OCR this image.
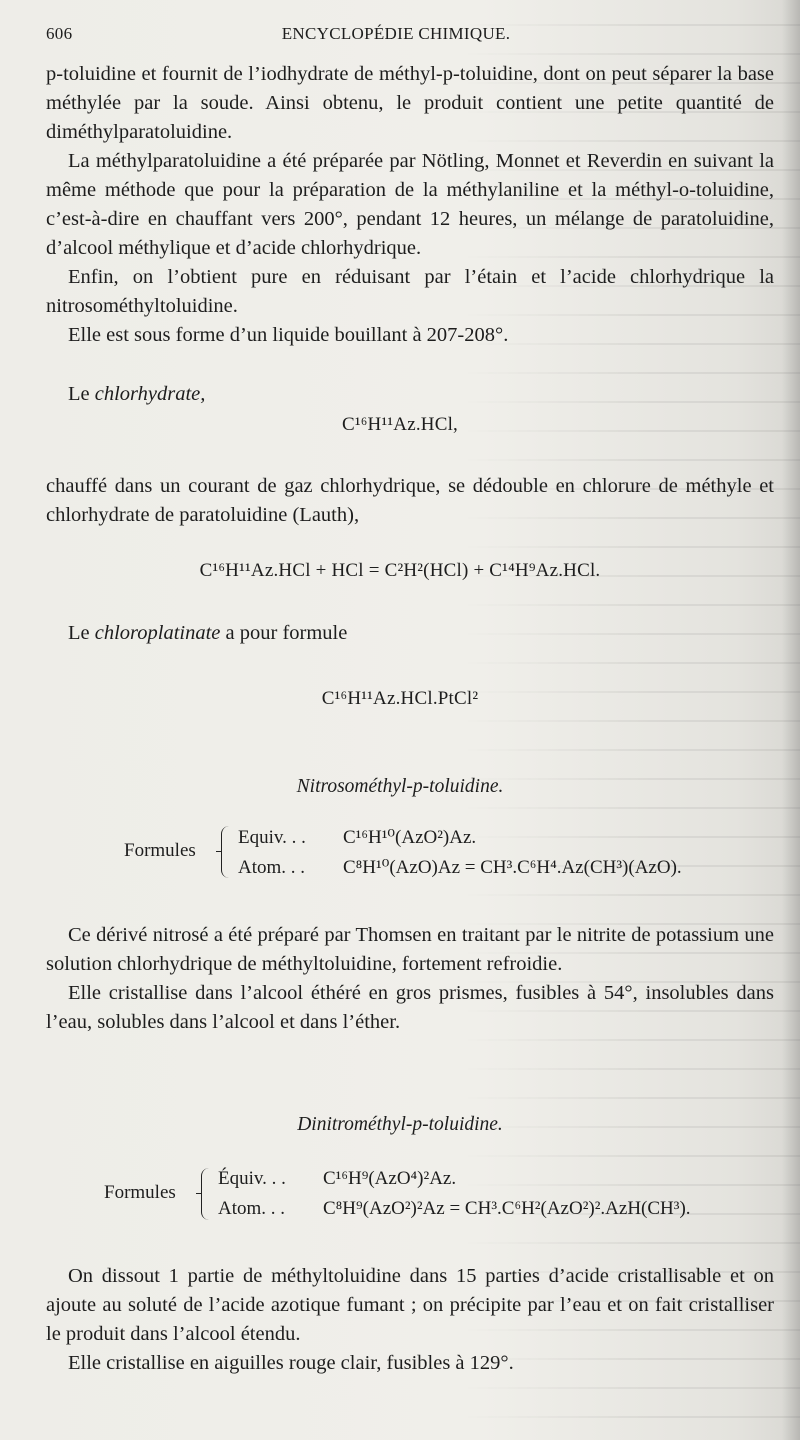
606	ENCYCLOPÉDIE CHIMIQUE.

p-toluidine et fournit de l’iodhydrate de méthyl-p-toluidine, dont on peut séparer la base méthylée par la soude. Ainsi obtenu, le produit contient une petite quantité de diméthylparatoluidine.

La méthylparatoluidine a été préparée par Nötling, Monnet et Reverdin en suivant la même méthode que pour la préparation de la méthylaniline et la méthyl-o-toluidine, c’est-à-dire en chauffant vers 200°, pendant 12 heures, un mélange de paratoluidine, d’alcool méthylique et d’acide chlorhydrique.

Enfin, on l’obtient pure en réduisant par l’étain et l’acide chlorhydrique la nitrosométhyltoluidine.

Elle est sous forme d’un liquide bouillant à 207-208°.

Le chlorhydrate,

C¹⁶H¹¹Az.HCl,

chauffé dans un courant de gaz chlorhydrique, se dédouble en chlorure de méthyle et chlorhydrate de paratoluidine (Lauth),

C¹⁶H¹¹Az.HCl + HCl = C²H²(HCl) + C¹⁴H⁹Az.HCl.

Le chloroplatinate a pour formule

C¹⁶H¹¹Az.HCl.PtCl²
Nitrosométhyl-p-toluidine.
Formules
Equiv. . . C¹⁶H¹⁰(AzO²)Az.
Atom. . . C⁸H¹⁰(AzO)Az = CH³.C⁶H⁴.Az(CH³)(AzO).

Ce dérivé nitrosé a été préparé par Thomsen en traitant par le nitrite de potassium une solution chlorhydrique de méthyltoluidine, fortement refroidie.

Elle cristallise dans l’alcool éthéré en gros prismes, fusibles à 54°, insolubles dans l’eau, solubles dans l’alcool et dans l’éther.

Dinitrométhyl-p-toluidine.
Formules
Équiv. . . C¹⁶H⁹(AzO⁴)²Az.
Atom. . . C⁸H⁹(AzO²)²Az = CH³.C⁶H²(AzO²)².AzH(CH³).

On dissout 1 partie de méthyltoluidine dans 15 parties d’acide cristallisable et on ajoute au soluté de l’acide azotique fumant ; on précipite par l’eau et on fait cristalliser le produit dans l’alcool étendu.

Elle cristallise en aiguilles rouge clair, fusibles à 129°.
